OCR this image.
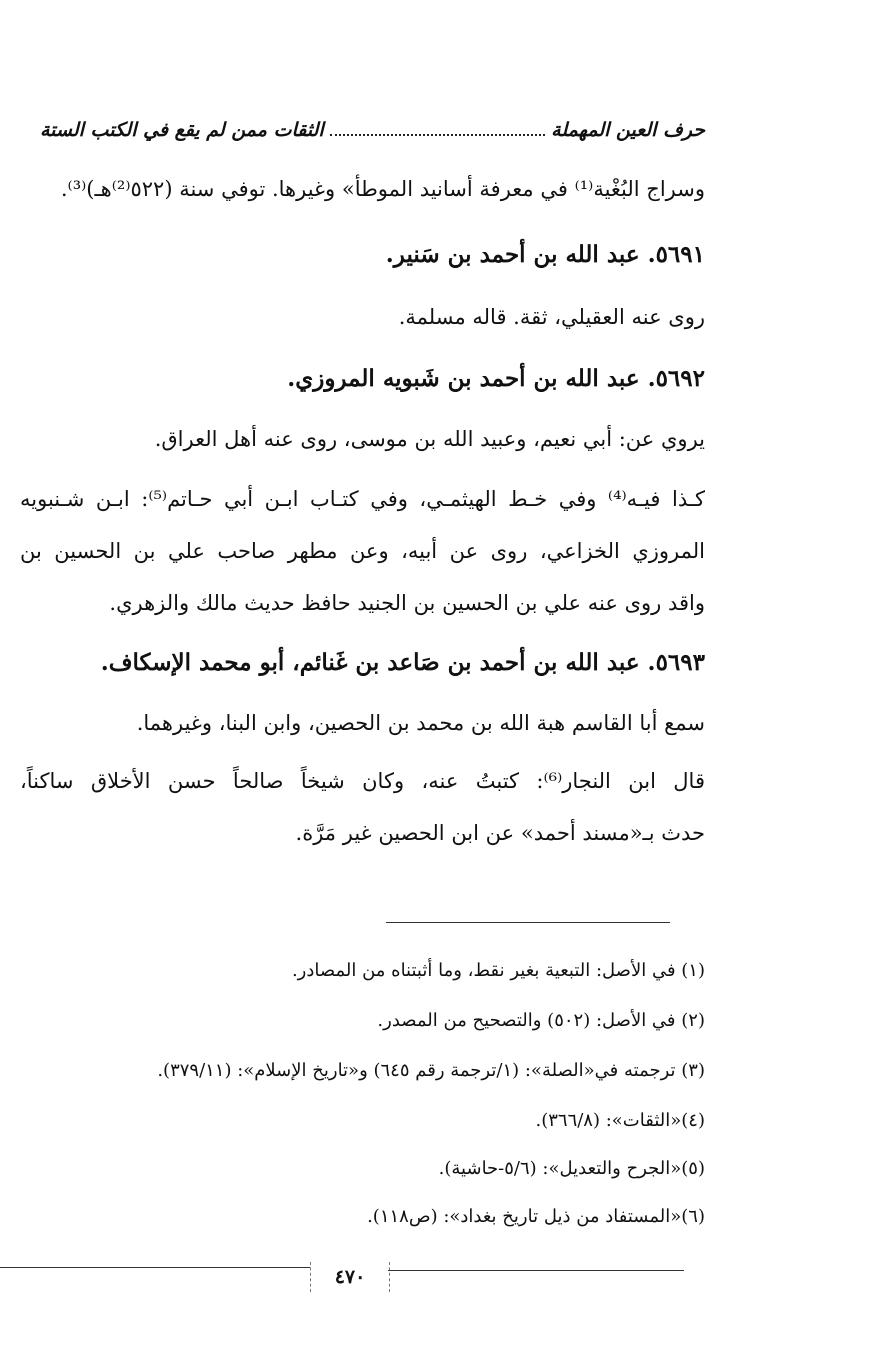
حرف العين المهملة
الثقات ممن لم يقع في الكتب الستة
وسراج البُغْية⁽¹⁾ في معرفة أسانيد الموطأ» وغيرها. توفي سنة (٥٢٢⁽²⁾هـ)⁽³⁾.
٥٦٩١. عبد الله بن أحمد بن سَنير.
روى عنه العقيلي، ثقة. قاله مسلمة.
٥٦٩٢. عبد الله بن أحمد بن شَبويه المروزي.
يروي عن: أبي نعيم، وعبيد الله بن موسى، روى عنه أهل العراق.
كـذا فيـه⁽⁴⁾ وفي خـط الهيثمـي، وفي كتـاب ابـن أبي حـاتم⁽⁵⁾: ابـن شـنبويه
المروزي الخزاعي، روى عن أبيه، وعن مطهر صاحب علي بن الحسين بن
واقد روى عنه علي بن الحسين بن الجنيد حافظ حديث مالك والزهري.
٥٦٩٣. عبد الله بن أحمد بن صَاعد بن غَنائم، أبو محمد الإسكاف.
سمع أبا القاسم هبة الله بن محمد بن الحصين، وابن البنا، وغيرهما.
قال ابن النجار⁽⁶⁾: كتبتُ عنه، وكان شيخاً صالحاً حسن الأخلاق ساكناً،
حدث بـ«مسند أحمد» عن ابن الحصين غير مَرَّة.
(١) في الأصل: التبعية بغير نقط، وما أثبتناه من المصادر.
(٢) في الأصل: (٥٠٢) والتصحيح من المصدر.
(٣) ترجمته في«الصلة»: (١/ترجمة رقم ٦٤٥) و«تاريخ الإسلام»: (٣٧٩/١١).
(٤)«الثقات»: (٣٦٦/٨).
(٥)«الجرح والتعديل»: (٥/٦-حاشية).
(٦)«المستفاد من ذيل تاريخ بغداد»: (ص١١٨).
٤٧٠
